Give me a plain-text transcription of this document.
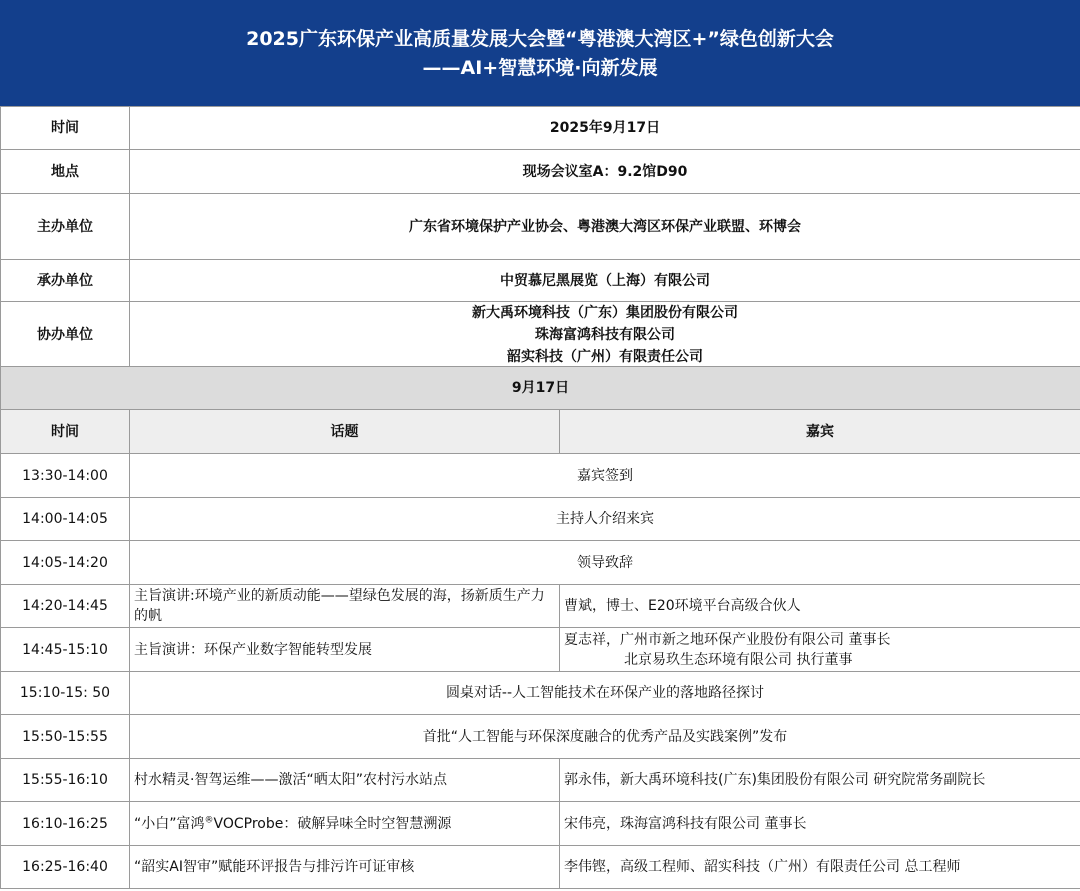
2025广东环保产业高质量发展大会暨“粤港澳大湾区+”绿色创新大会
——AI+智慧环境·向新发展
时间	2025年9月17日
地点	现场会议室A：9.2馆D90
主办单位	广东省环境保护产业协会、粤港澳大湾区环保产业联盟、环博会
承办单位	中贸慕尼黑展览（上海）有限公司
协办单位	新大禹环境科技（广东）集团股份有限公司
珠海富鸿科技有限公司
韶实科技（广州）有限责任公司
9月17日		
时间	话题	嘉宾
13:30-14:00	嘉宾签到	
14:00-14:05	主持人介绍来宾	
14:05-14:20	领导致辞	
14:20-14:45	主旨演讲:环境产业的新质动能——望绿色发展的海，扬新质生产力的帆	曹斌，博士、E20环境平台高级合伙人

14:45-15:10	主旨演讲：环保产业数字智能转型发展	夏志祥，广州市新之地环保产业股份有限公司 董事长
北京易玖生态环境有限公司 执行董事

15:10-15: 50	圆桌对话--人工智能技术在环保产业的落地路径探讨	
15:50-15:55	首批“人工智能与环保深度融合的优秀产品及实践案例”发布	
15:55-16:10	村水精灵·智驾运维——激活“晒太阳”农村污水站点	郭永伟，新大禹环境科技(广东)集团股份有限公司 研究院常务副院长

16:10-16:25	“小白”富鸿®VOCProbe：破解异味全时空智慧溯源	宋伟亮，珠海富鸿科技有限公司 董事长

16:25-16:40	“韶实AI智审”赋能环评报告与排污许可证审核	李伟铿，高级工程师、韶实科技（广州）有限责任公司 总工程师
